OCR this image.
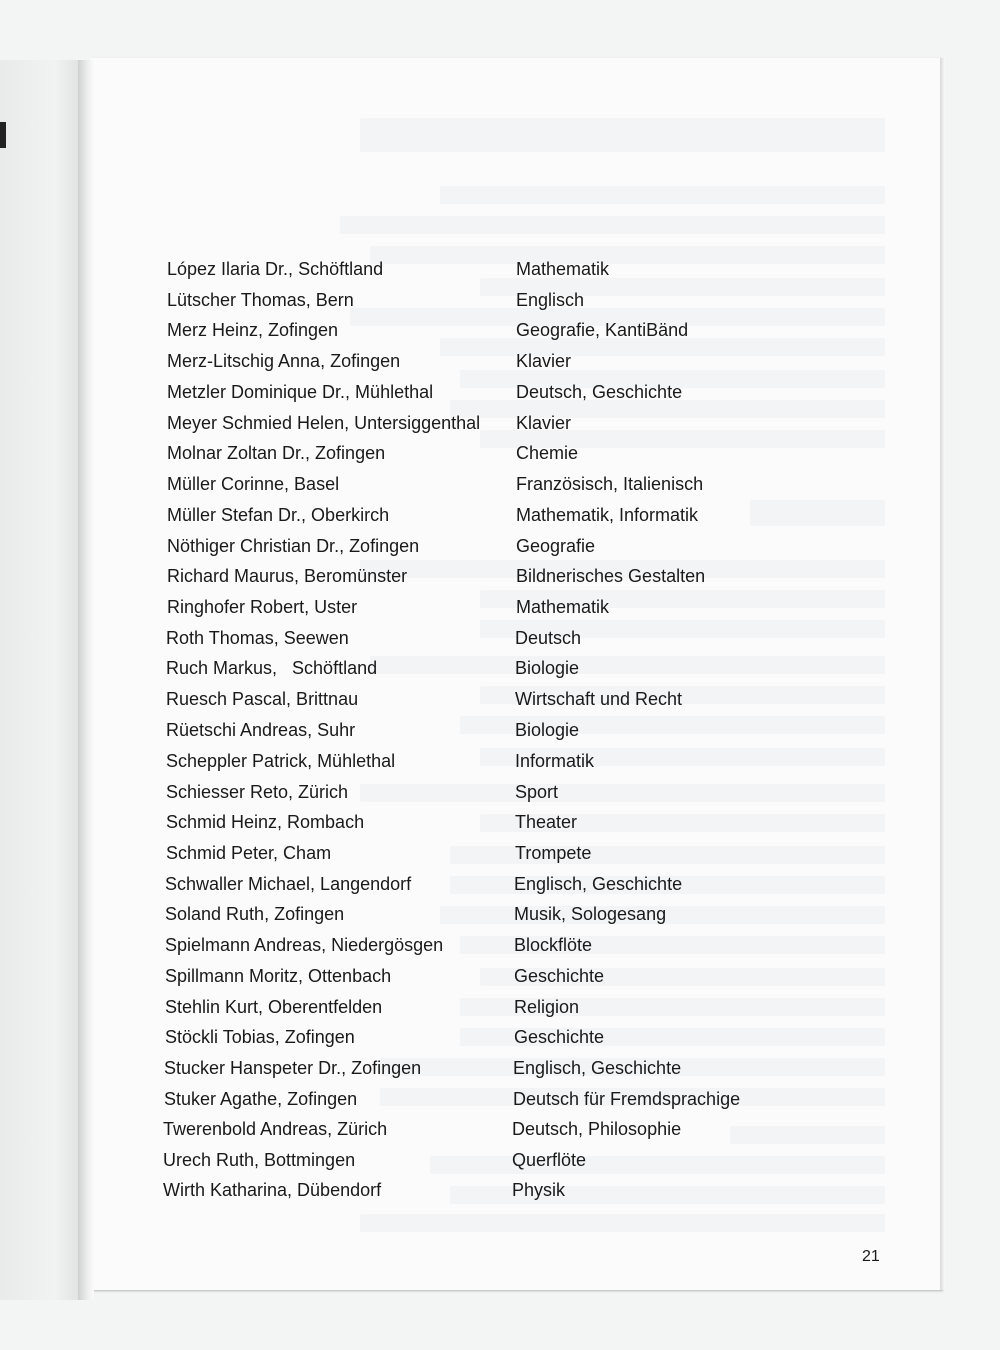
López Ilaria Dr., Schöftland	Mathematik
Lütscher Thomas, Bern	Englisch
Merz Heinz, Zofingen	Geografie, KantiBänd
Merz-Litschig Anna, Zofingen	Klavier
Metzler Dominique Dr., Mühlethal	Deutsch, Geschichte
Meyer Schmied Helen, Untersiggenthal Klavier
Molnar Zoltan Dr., Zofingen	Chemie
Müller Corinne, Basel	Französisch, Italienisch
Müller Stefan Dr., Oberkirch	Mathematik, Informatik
Nöthiger Christian Dr., Zofingen	Geografie
Richard Maurus, Beromünster	Bildnerisches Gestalten
Ringhofer Robert, Uster	Mathematik
Roth Thomas, Seewen	Deutsch
Ruch Markus,   Schöftland	Biologie
Ruesch Pascal, Brittnau	Wirtschaft und Recht
Rüetschi Andreas, Suhr	Biologie
Scheppler Patrick, Mühlethal	Informatik
Schiesser Reto, Zürich	Sport
Schmid Heinz, Rombach	Theater
Schmid Peter, Cham	Trompete
Schwaller Michael, Langendorf	Englisch, Geschichte
Soland Ruth, Zofingen	Musik, Sologesang
Spielmann Andreas, Niedergösgen	Blockflöte
Spillmann Moritz, Ottenbach	Geschichte
Stehlin Kurt, Oberentfelden	Religion
Stöckli Tobias, Zofingen	Geschichte
Stucker Hanspeter Dr., Zofingen	Englisch, Geschichte
Stuker Agathe, Zofingen	Deutsch für Fremdsprachige
Twerenbold Andreas, Zürich	Deutsch, Philosophie
Urech Ruth, Bottmingen	Querflöte
Wirth Katharina, Dübendorf	Physik
21
